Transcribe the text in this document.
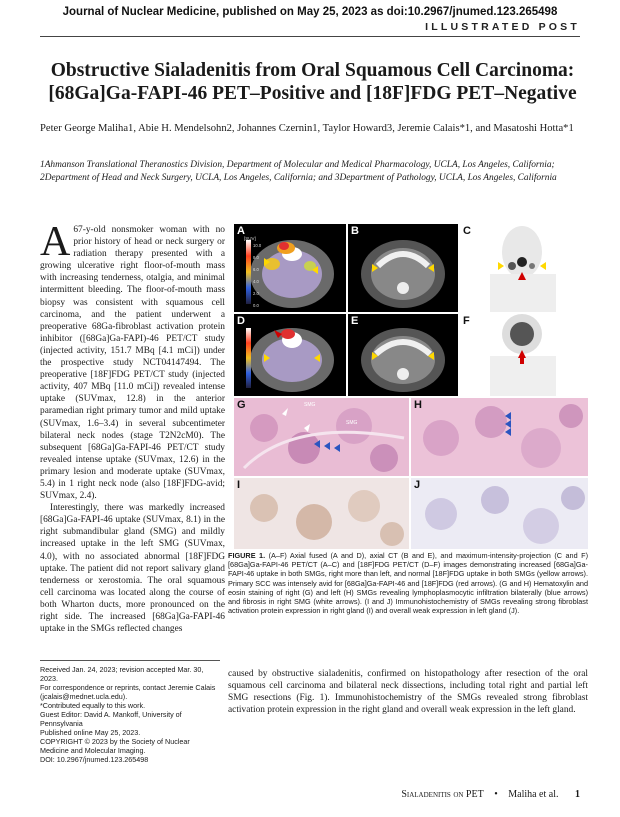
Journal of Nuclear Medicine, published on May 25, 2023 as doi:10.2967/jnumed.123.265498
ILLUSTRATED POST
Obstructive Sialadenitis from Oral Squamous Cell Carcinoma:
[68Ga]Ga-FAPI-46 PET–Positive and [18F]FDG PET–Negative
Peter George Maliha1, Abie H. Mendelsohn2, Johannes Czernin1, Taylor Howard3, Jeremie Calais*1, and Masatoshi Hotta*1
1Ahmanson Translational Theranostics Division, Department of Molecular and Medical Pharmacology, UCLA, Los Angeles, California; 2Department of Head and Neck Surgery, UCLA, Los Angeles, California; and 3Department of Pathology, UCLA, Los Angeles, California

A 67-y-old nonsmoker woman with no prior history of head or neck surgery or radiation therapy presented with a growing ulcerative right floor-of-mouth mass with increasing tenderness, otalgia, and minimal intermittent bleeding. The floor-of-mouth mass biopsy was consistent with squamous cell carcinoma, and the patient underwent a preoperative 68Ga-fibroblast activation protein inhibitor ([68Ga]Ga-FAPI)-46 PET/CT study (injected activity, 151.7 MBq [4.1 mCi]) under the prospective study NCT04147494. The preoperative [18F]FDG PET/CT study (injected activity, 407 MBq [11.0 mCi]) revealed intense uptake (SUVmax, 12.8) in the anterior paramedian right primary tumor and mild uptake (SUVmax, 1.6–3.4) in several subcentimeter bilateral neck nodes (stage T2N2cM0). The subsequent [68Ga]Ga-FAPI-46 PET/CT study revealed intense uptake (SUVmax, 12.6) in the primary lesion and moderate uptake (SUVmax, 5.4) in 1 right neck node (also [18F]FDG-avid; SUVmax, 2.4).

Interestingly, there was markedly increased [68Ga]Ga-FAPI-46 uptake (SUVmax, 8.1) in the right submandibular gland (SMG) and mildly increased uptake in the left SMG (SUVmax, 4.0), with no associated abnormal [18F]FDG uptake. The patient did not report salivary gland tenderness or xerostomia. The oral squamous cell carcinoma was located along the course of both Wharton ducts, more pronounced on the right side. The increased [68Ga]Ga-FAPI-46 uptake in the SMGs reflected changes

A
[SUV]
10.0
8.0
6.0
4.0
2.0
0.0
B	C
D	E	F
G	SMG
SMG
H
I	J
FIGURE 1. (A–F) Axial fused (A and D), axial CT (B and E), and maximum-intensity-projection (C and F) [68Ga]Ga-FAPI-46 PET/CT (A–C) and [18F]FDG PET/CT (D–F) images demonstrating increased [68Ga]Ga-FAPI-46 uptake in both SMGs, right more than left, and normal [18F]FDG uptake in both SMGs (yellow arrows). Primary SCC was intensely avid for [68Ga]Ga-FAPI-46 and [18F]FDG (red arrows). (G and H) Hematoxylin and eosin staining of right (G) and left (H) SMGs revealing lymphoplasmocytic infiltration bilaterally (blue arrows) and fibrosis in right SMG (white arrows). (I and J) Immunohistochemistry of SMGs revealing strong fibroblast activation protein expression in right gland (I) and overall weak expression in left gland (J).
Received Jan. 24, 2023; revision accepted Mar. 30, 2023.
For correspondence or reprints, contact Jeremie Calais (jcalais@mednet.ucla.edu).
*Contributed equally to this work.
Guest Editor: David A. Mankoff, University of Pennsylvania
Published online May 25, 2023.
COPYRIGHT © 2023 by the Society of Nuclear Medicine and Molecular Imaging.
DOI: 10.2967/jnumed.123.265498
caused by obstructive sialadenitis, confirmed on histopathology after resection of the oral squamous cell carcinoma and bilateral neck dissections, including total right and partial left SMG resections (Fig. 1). Immunohistochemistry of the SMGs revealed strong fibroblast activation protein expression in the right gland and overall weak expression in the left gland.
Sialadenitis on PET • Maliha et al. 1
